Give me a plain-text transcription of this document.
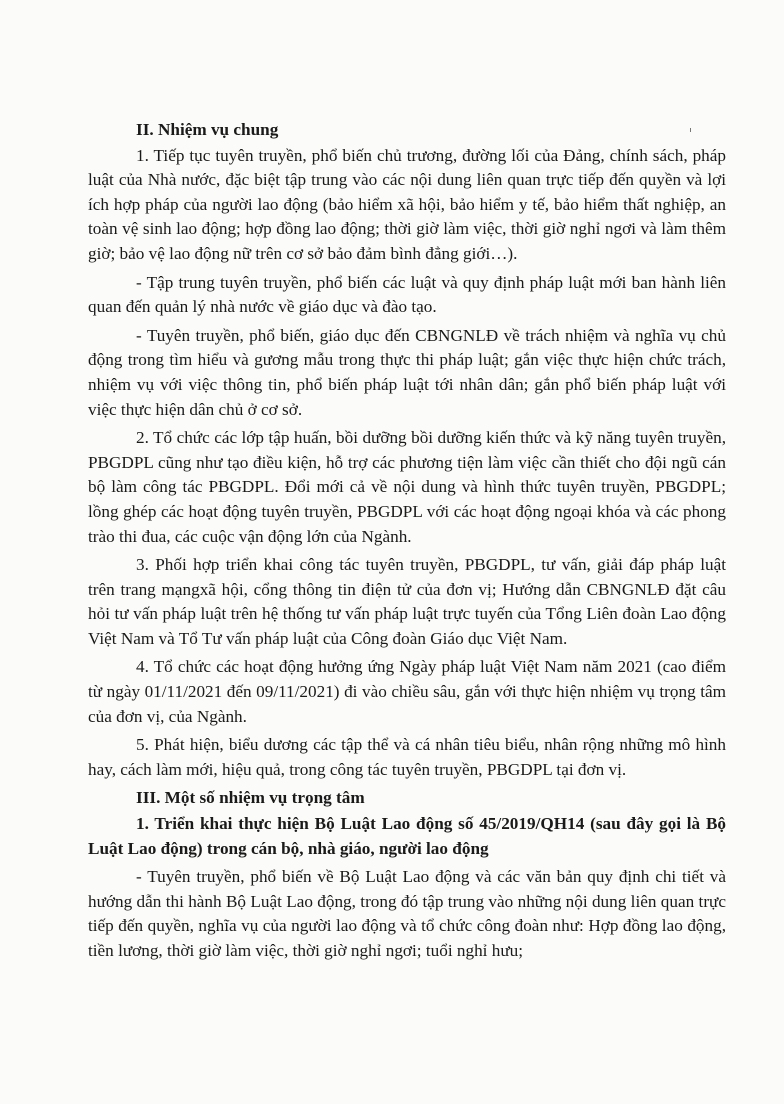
II. Nhiệm vụ chung

1. Tiếp tục tuyên truyền, phổ biến chủ trương, đường lối của Đảng, chính sách, pháp luật của Nhà nước, đặc biệt tập trung vào các nội dung liên quan trực tiếp đến quyền và lợi ích hợp pháp của người lao động (bảo hiểm xã hội, bảo hiểm y tế, bảo hiểm thất nghiệp, an toàn vệ sinh lao động; hợp đồng lao động; thời giờ làm việc, thời giờ nghỉ ngơi và làm thêm giờ; bảo vệ lao động nữ trên cơ sở bảo đảm bình đẳng giới…).

- Tập trung tuyên truyền, phổ biến các luật và quy định pháp luật mới ban hành liên quan đến quản lý nhà nước về giáo dục và đào tạo.

- Tuyên truyền, phổ biến, giáo dục đến CBNGNLĐ về trách nhiệm và nghĩa vụ chủ động trong tìm hiểu và gương mẫu trong thực thi pháp luật; gắn việc thực hiện chức trách, nhiệm vụ với việc thông tin, phổ biến pháp luật tới nhân dân; gắn phổ biến pháp luật với việc thực hiện dân chủ ở cơ sở.

2. Tổ chức các lớp tập huấn, bồi dưỡng bồi dưỡng kiến thức và kỹ năng tuyên truyền, PBGDPL cũng như tạo điều kiện, hỗ trợ các phương tiện làm việc cần thiết cho đội ngũ cán bộ làm công tác PBGDPL. Đổi mới cả về nội dung và hình thức tuyên truyền, PBGDPL; lồng ghép các hoạt động tuyên truyền, PBGDPL với các hoạt động ngoại khóa và các phong trào thi đua, các cuộc vận động lớn của Ngành.

3. Phối hợp triển khai công tác tuyên truyền, PBGDPL, tư vấn, giải đáp pháp luật trên trang mạngxã hội, cổng thông tin điện tử của đơn vị; Hướng dẫn CBNGNLĐ đặt câu hỏi tư vấn pháp luật trên hệ thống tư vấn pháp luật trực tuyến của Tổng Liên đoàn Lao động Việt Nam và Tổ Tư vấn pháp luật của Công đoàn Giáo dục Việt Nam.

4. Tổ chức các hoạt động hưởng ứng Ngày pháp luật Việt Nam năm 2021 (cao điểm từ ngày 01/11/2021 đến 09/11/2021) đi vào chiều sâu, gắn với thực hiện nhiệm vụ trọng tâm của đơn vị, của Ngành.

5. Phát hiện, biểu dương các tập thể và cá nhân tiêu biểu, nhân rộng những mô hình hay, cách làm mới, hiệu quả, trong công tác tuyên truyền, PBGDPL tại đơn vị.

III. Một số nhiệm vụ trọng tâm

1. Triển khai thực hiện Bộ Luật Lao động số 45/2019/QH14 (sau đây gọi là Bộ Luật Lao động) trong cán bộ, nhà giáo, người lao động

- Tuyên truyền, phổ biến về Bộ Luật Lao động và các văn bản quy định chi tiết và hướng dẫn thi hành Bộ Luật Lao động, trong đó tập trung vào những nội dung liên quan trực tiếp đến quyền, nghĩa vụ của người lao động và tổ chức công đoàn như: Hợp đồng lao động, tiền lương, thời giờ làm việc, thời giờ nghỉ ngơi; tuổi nghỉ hưu;
